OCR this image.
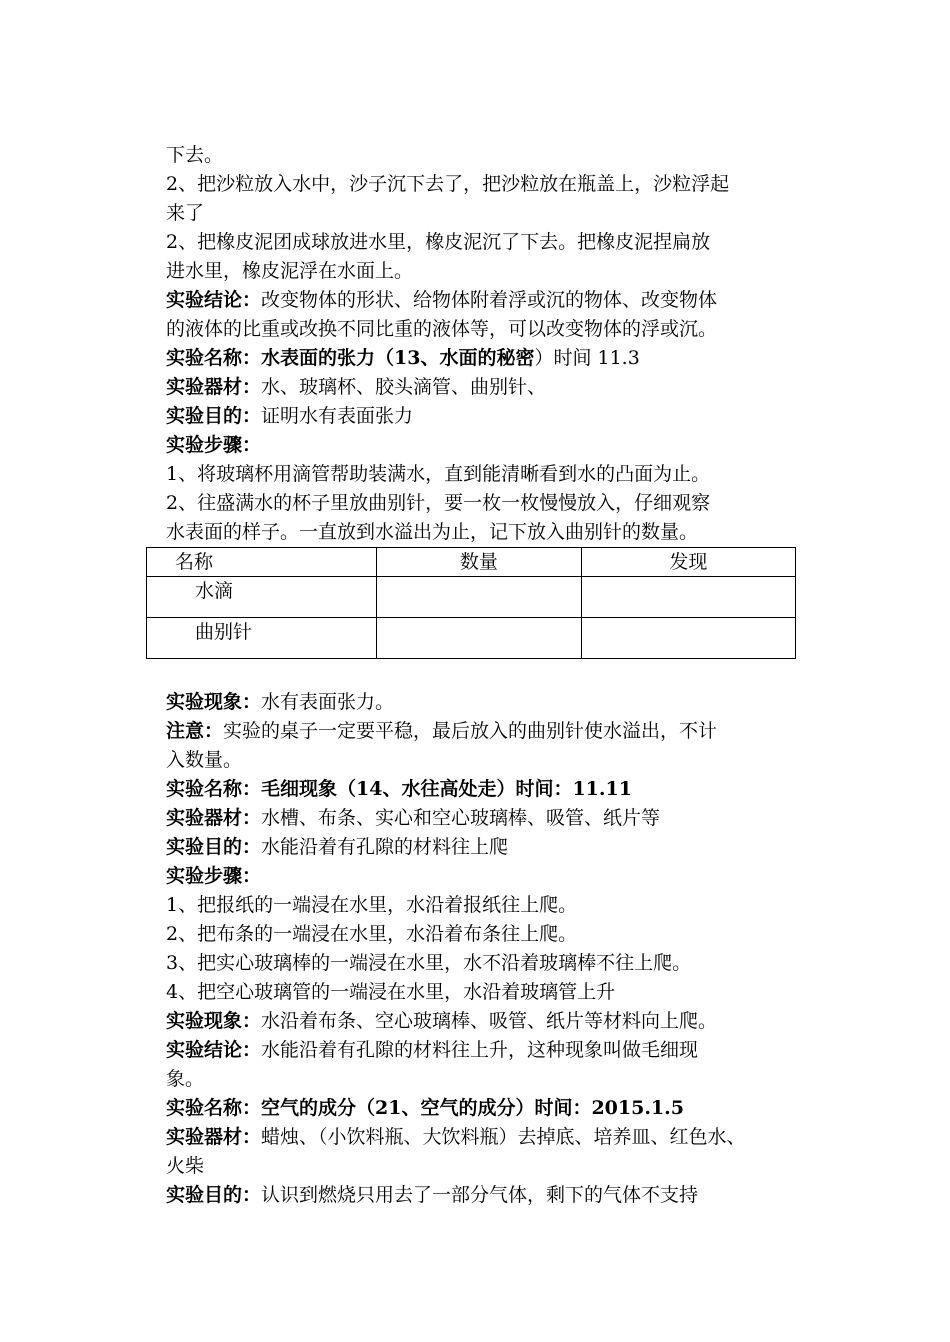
下去。

2、把沙粒放入水中，沙子沉下去了，把沙粒放在瓶盖上，沙粒浮起

来了

2、把橡皮泥团成球放进水里，橡皮泥沉了下去。把橡皮泥捏扁放

进水里，橡皮泥浮在水面上。

实验结论：改变物体的形状、给物体附着浮或沉的物体、改变物体

的液体的比重或改换不同比重的液体等，可以改变物体的浮或沉。

实验名称：水表面的张力（13、水面的秘密）时间 11.3

实验器材：水、玻璃杯、胶头滴管、曲别针、

实验目的：证明水有表面张力

实验步骤：

1、将玻璃杯用滴管帮助装满水，直到能清晰看到水的凸面为止。

2、往盛满水的杯子里放曲别针，要一枚一枚慢慢放入，仔细观察

水表面的样子。一直放到水溢出为止，记下放入曲别针的数量。

名称	数量	发现
水滴		
曲别针		

实验现象：水有表面张力。

注意：实验的桌子一定要平稳，最后放入的曲别针使水溢出，不计

入数量。

实验名称：毛细现象（14、水往高处走）时间：11.11

实验器材：水槽、布条、实心和空心玻璃棒、吸管、纸片等

实验目的：水能沿着有孔隙的材料往上爬

实验步骤：

1、把报纸的一端浸在水里，水沿着报纸往上爬。

2、把布条的一端浸在水里，水沿着布条往上爬。

3、把实心玻璃棒的一端浸在水里，水不沿着玻璃棒不往上爬。

4、把空心玻璃管的一端浸在水里，水沿着玻璃管上升

实验现象：水沿着布条、空心玻璃棒、吸管、纸片等材料向上爬。

实验结论：水能沿着有孔隙的材料往上升，这种现象叫做毛细现

象。

实验名称：空气的成分（21、空气的成分）时间：2015.1.5

实验器材：蜡烛、（小饮料瓶、大饮料瓶）去掉底、培养皿、红色水、

火柴

实验目的：认识到燃烧只用去了一部分气体，剩下的气体不支持
